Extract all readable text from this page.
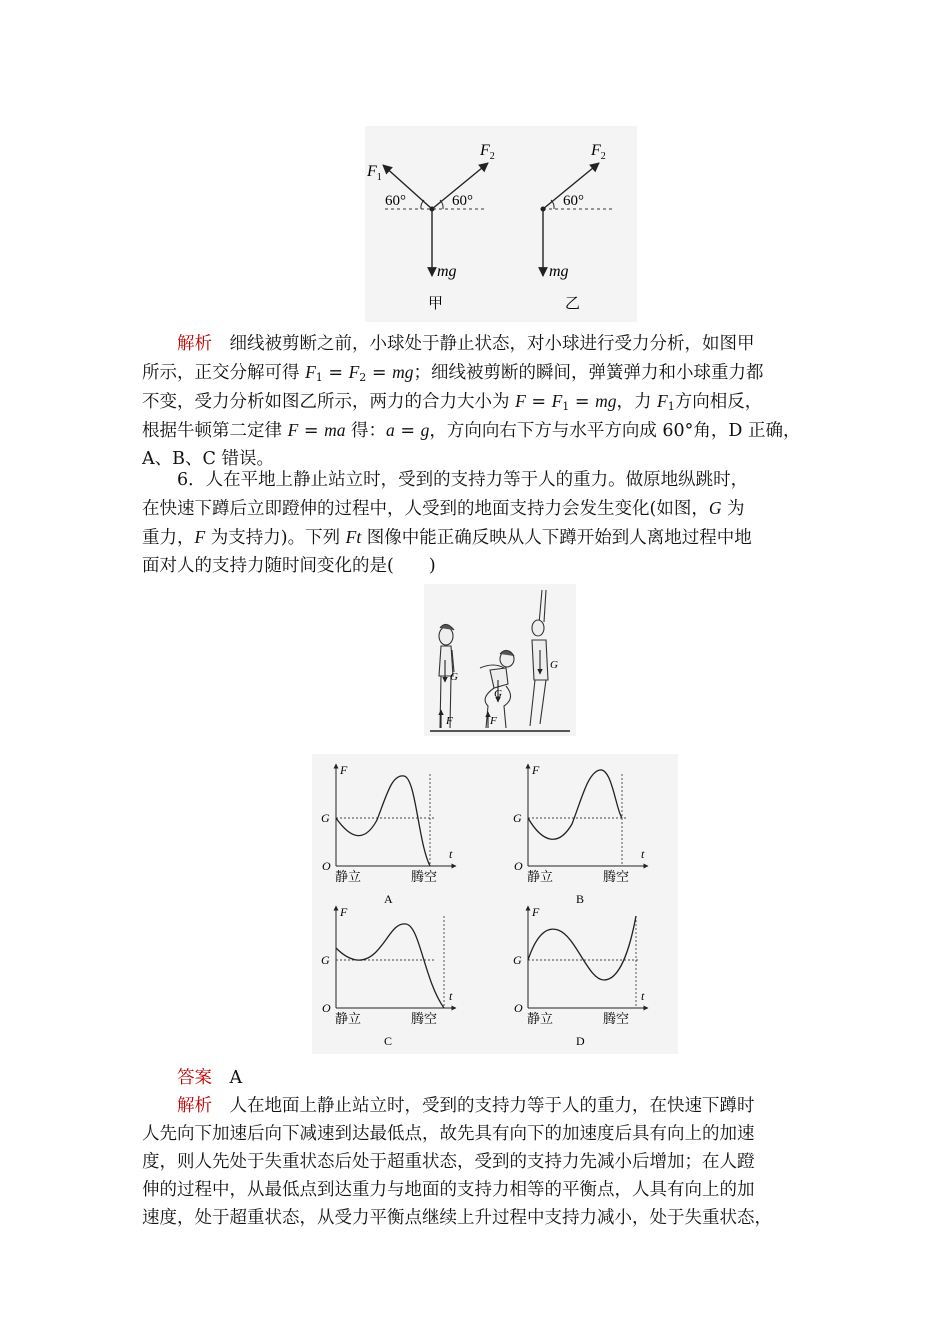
$F_1$
$F_2$
60°	60°
mg
甲
$F_2$
60°
mg
乙

解析　 细线被剪断之前，小球处于静止状态，对小球进行受力分析，如图甲

所示，正交分解可得 $F_1 = F_2$ = mg；细线被剪断的瞬间，弹簧弹力和小球重力都

不变，受力分析如图乙所示，两力的合力大小为 $F = F_1$ = mg，力 $F_1$方向相反，

根据牛顿第二定律 F = ma 得：a = g，方向向右下方与水平方向成 60°角，D 正确，

A、B、C 错误。

6．人在平地上静止站立时，受到的支持力等于人的重力。做原地纵跳时，

在快速下蹲后立即蹬伸的过程中，人受到的地面支持力会发生变化(如图，G 为

重力，F 为支持力)。下列 Ft 图像中能正确反映从人下蹲开始到人离地过程中地

面对人的支持力随时间变化的是(　　)

G
F
G
F
G
F
G
O
t
静立	腾空
A
F
G
O
t
静立	腾空
B
F
G
O
t
静立	腾空
C
F
G
O
t
静立	腾空
D

答案　 A

解析　 人在地面上静止站立时，受到的支持力等于人的重力，在快速下蹲时

人先向下加速后向下减速到达最低点，故先具有向下的加速度后具有向上的加速

度，则人先处于失重状态后处于超重状态，受到的支持力先减小后增加；在人蹬

伸的过程中，从最低点到达重力与地面的支持力相等的平衡点，人具有向上的加

速度，处于超重状态，从受力平衡点继续上升过程中支持力减小，处于失重状态，
